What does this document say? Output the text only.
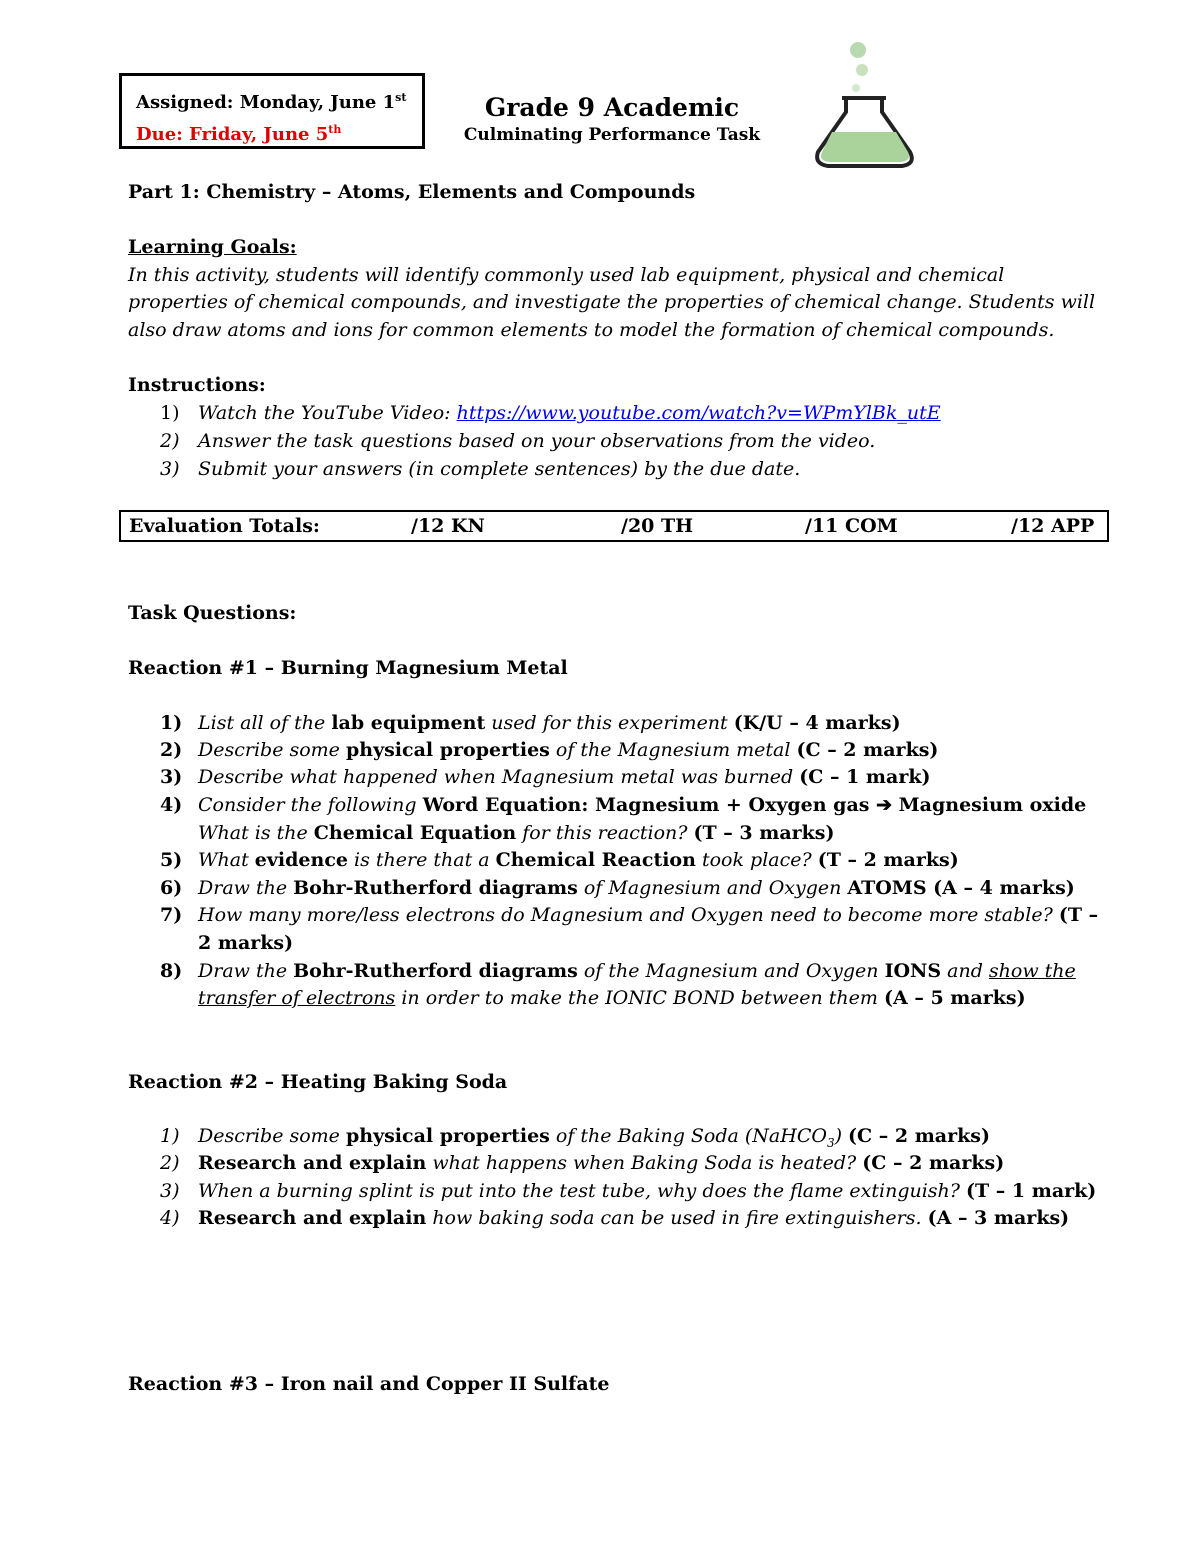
Assigned: Monday, June 1st
Due: Friday, June 5th
Grade 9 Academic
Culminating Performance Task
Part 1: Chemistry – Atoms, Elements and Compounds
Learning Goals:
In this activity, students will identify commonly used lab equipment, physical and chemical
properties of chemical compounds, and investigate the properties of chemical change. Students will
also draw atoms and ions for common elements to model the formation of chemical compounds.
Instructions:
1) Watch the YouTube Video: https://www.youtube.com/watch?v=WPmYlBk_utE
2) Answer the task questions based on your observations from the video.
3) Submit your answers (in complete sentences) by the due date.
Evaluation Totals:	/12 KN	/20 TH	/11 COM	/12 APP
Task Questions:
Reaction #1 – Burning Magnesium Metal
1) List all of the lab equipment used for this experiment (K/U – 4 marks)
2) Describe some physical properties of the Magnesium metal (C – 2 marks)
3) Describe what happened when Magnesium metal was burned (C – 1 mark)
4) Consider the following Word Equation: Magnesium + Oxygen gas ➔ Magnesium oxide
What is the Chemical Equation for this reaction? (T – 3 marks)
5) What evidence is there that a Chemical Reaction took place? (T – 2 marks)
6) Draw the Bohr-Rutherford diagrams of Magnesium and Oxygen ATOMS (A – 4 marks)
7) How many more/less electrons do Magnesium and Oxygen need to become more stable? (T –
2 marks)
8) Draw the Bohr-Rutherford diagrams of the Magnesium and Oxygen IONS and show the
transfer of electrons in order to make the IONIC BOND between them (A – 5 marks)
Reaction #2 – Heating Baking Soda
1) Describe some physical properties of the Baking Soda (NaHCO$_3$) (C – 2 marks)
2) Research and explain what happens when Baking Soda is heated? (C – 2 marks)
3) When a burning splint is put into the test tube, why does the flame extinguish? (T – 1 mark)
4) Research and explain how baking soda can be used in fire extinguishers. (A – 3 marks)
Reaction #3 – Iron nail and Copper II Sulfate
